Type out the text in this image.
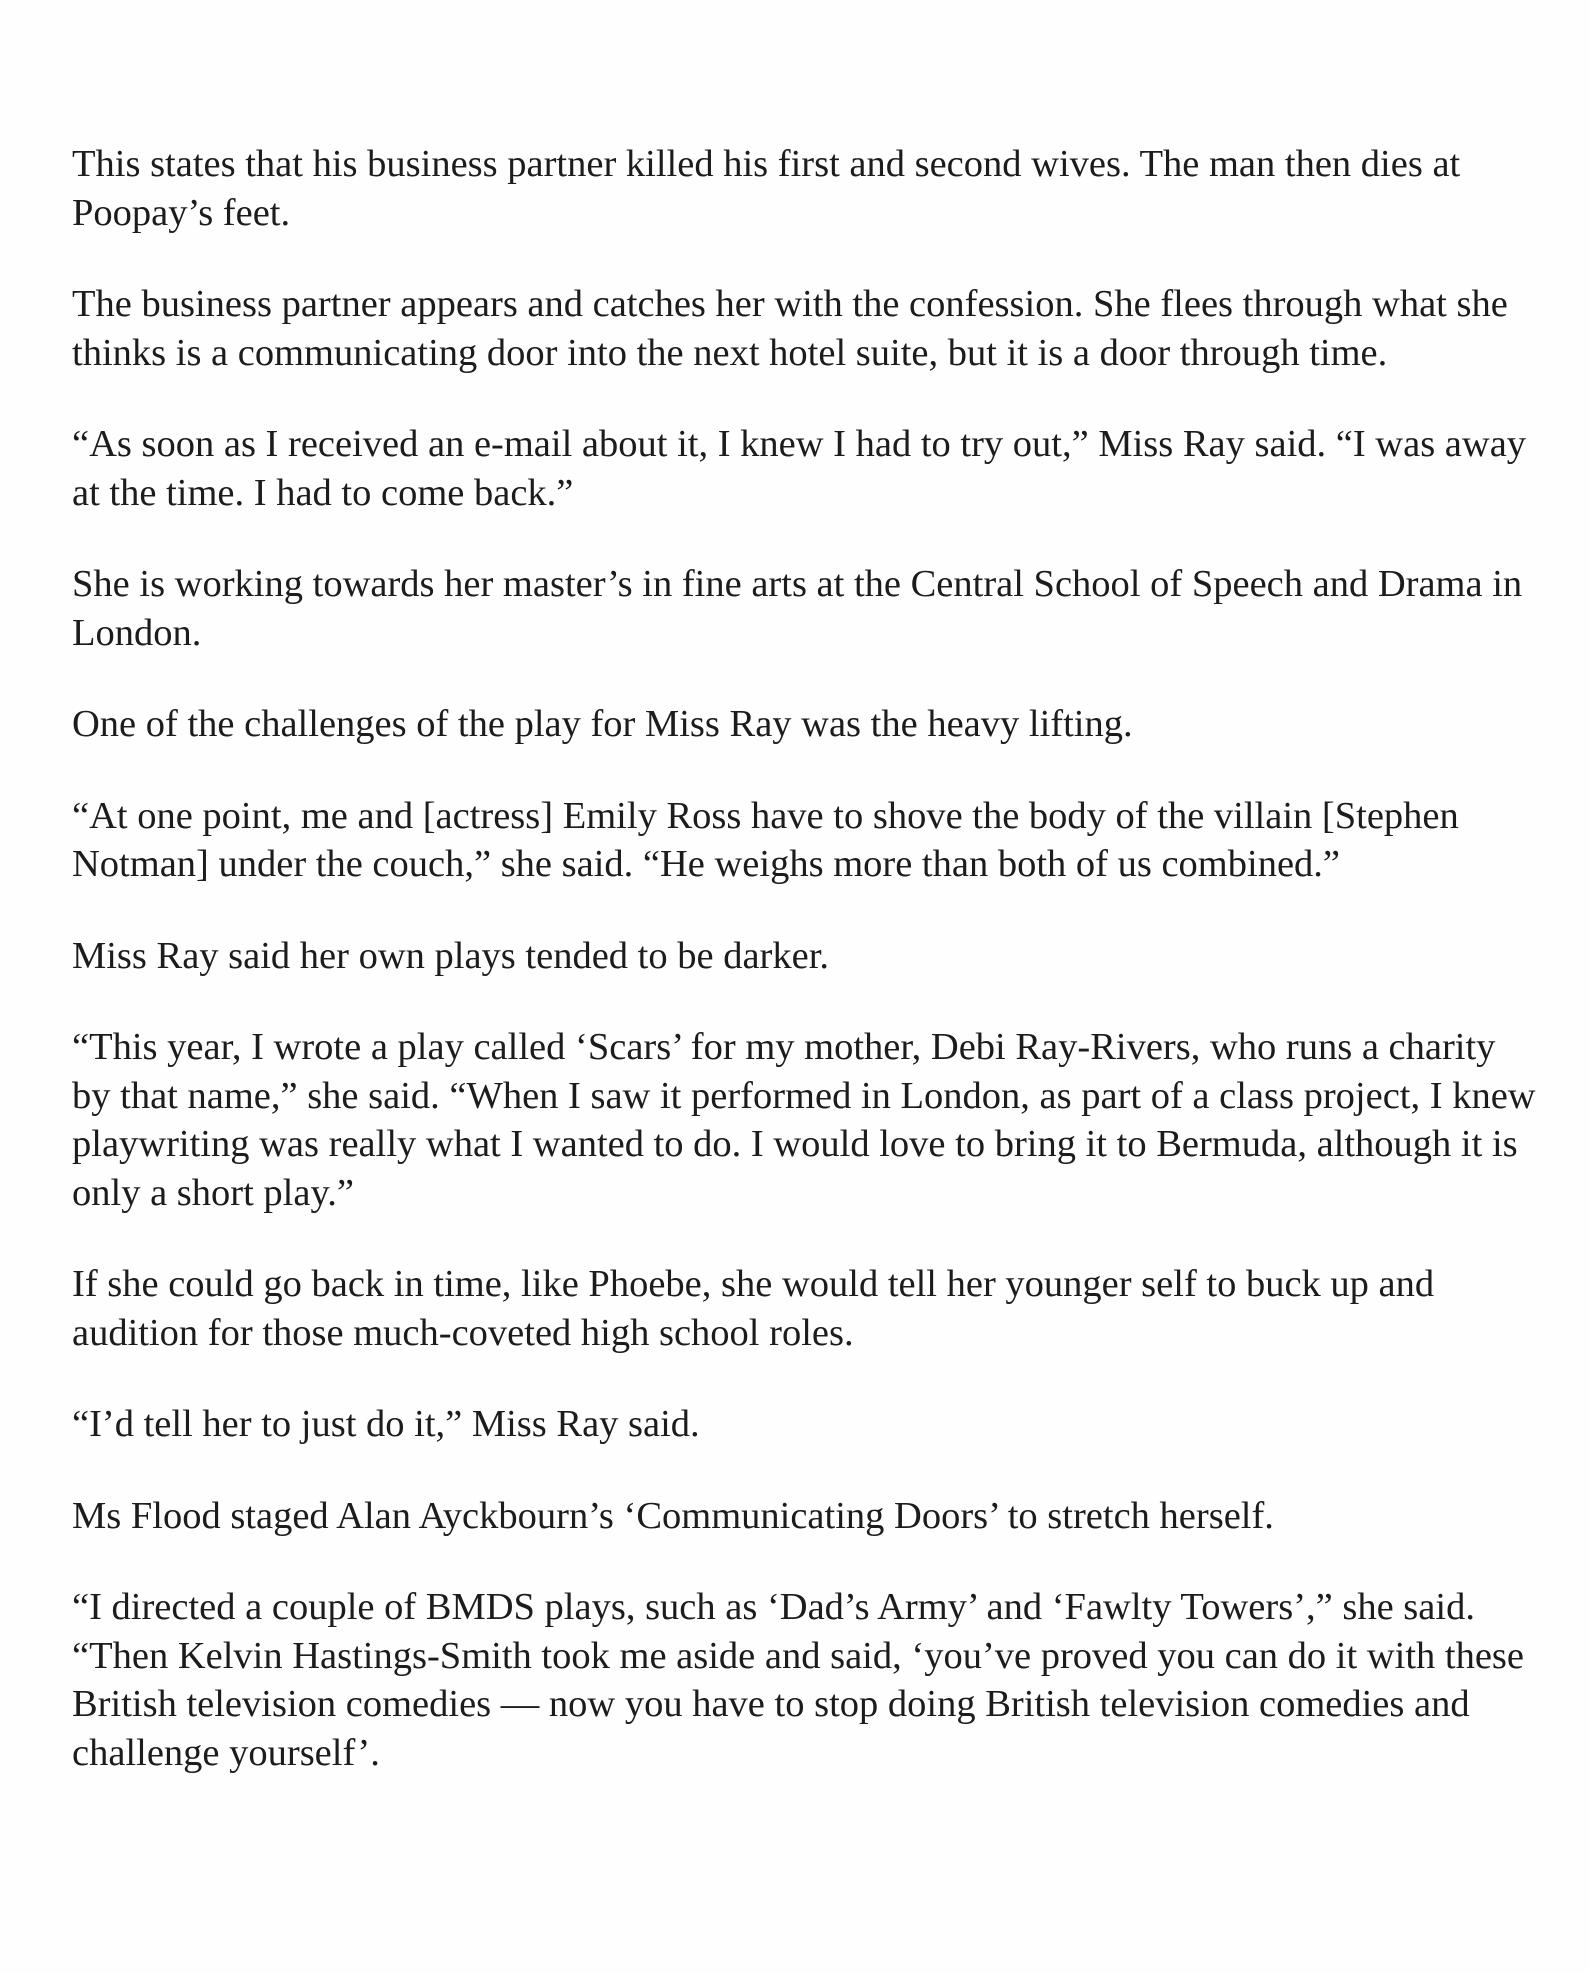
This states that his business partner killed his first and second wives. The man then dies at Poopay’s feet.

The business partner appears and catches her with the confession. She flees through what she thinks is a communicating door into the next hotel suite, but it is a door through time.

“As soon as I received an e-mail about it, I knew I had to try out,” Miss Ray said. “I was away at the time. I had to come back.”

She is working towards her master’s in fine arts at the Central School of Speech and Drama in London.

One of the challenges of the play for Miss Ray was the heavy lifting.

“At one point, me and [actress] Emily Ross have to shove the body of the villain [Stephen Notman] under the couch,” she said. “He weighs more than both of us combined.”

Miss Ray said her own plays tended to be darker.

“This year, I wrote a play called ‘Scars’ for my mother, Debi Ray-Rivers, who runs a charity by that name,” she said. “When I saw it performed in London, as part of a class project, I knew playwriting was really what I wanted to do. I would love to bring it to Bermuda, although it is only a short play.”

If she could go back in time, like Phoebe, she would tell her younger self to buck up and audition for those much-coveted high school roles.

“I’d tell her to just do it,” Miss Ray said.

Ms Flood staged Alan Ayckbourn’s ‘Communicating Doors’ to stretch herself.

“I directed a couple of BMDS plays, such as ‘Dad’s Army’ and ‘Fawlty Towers’,” she said. “Then Kelvin Hastings-Smith took me aside and said, ‘you’ve proved you can do it with these British television comedies — now you have to stop doing British television comedies and challenge yourself’.
